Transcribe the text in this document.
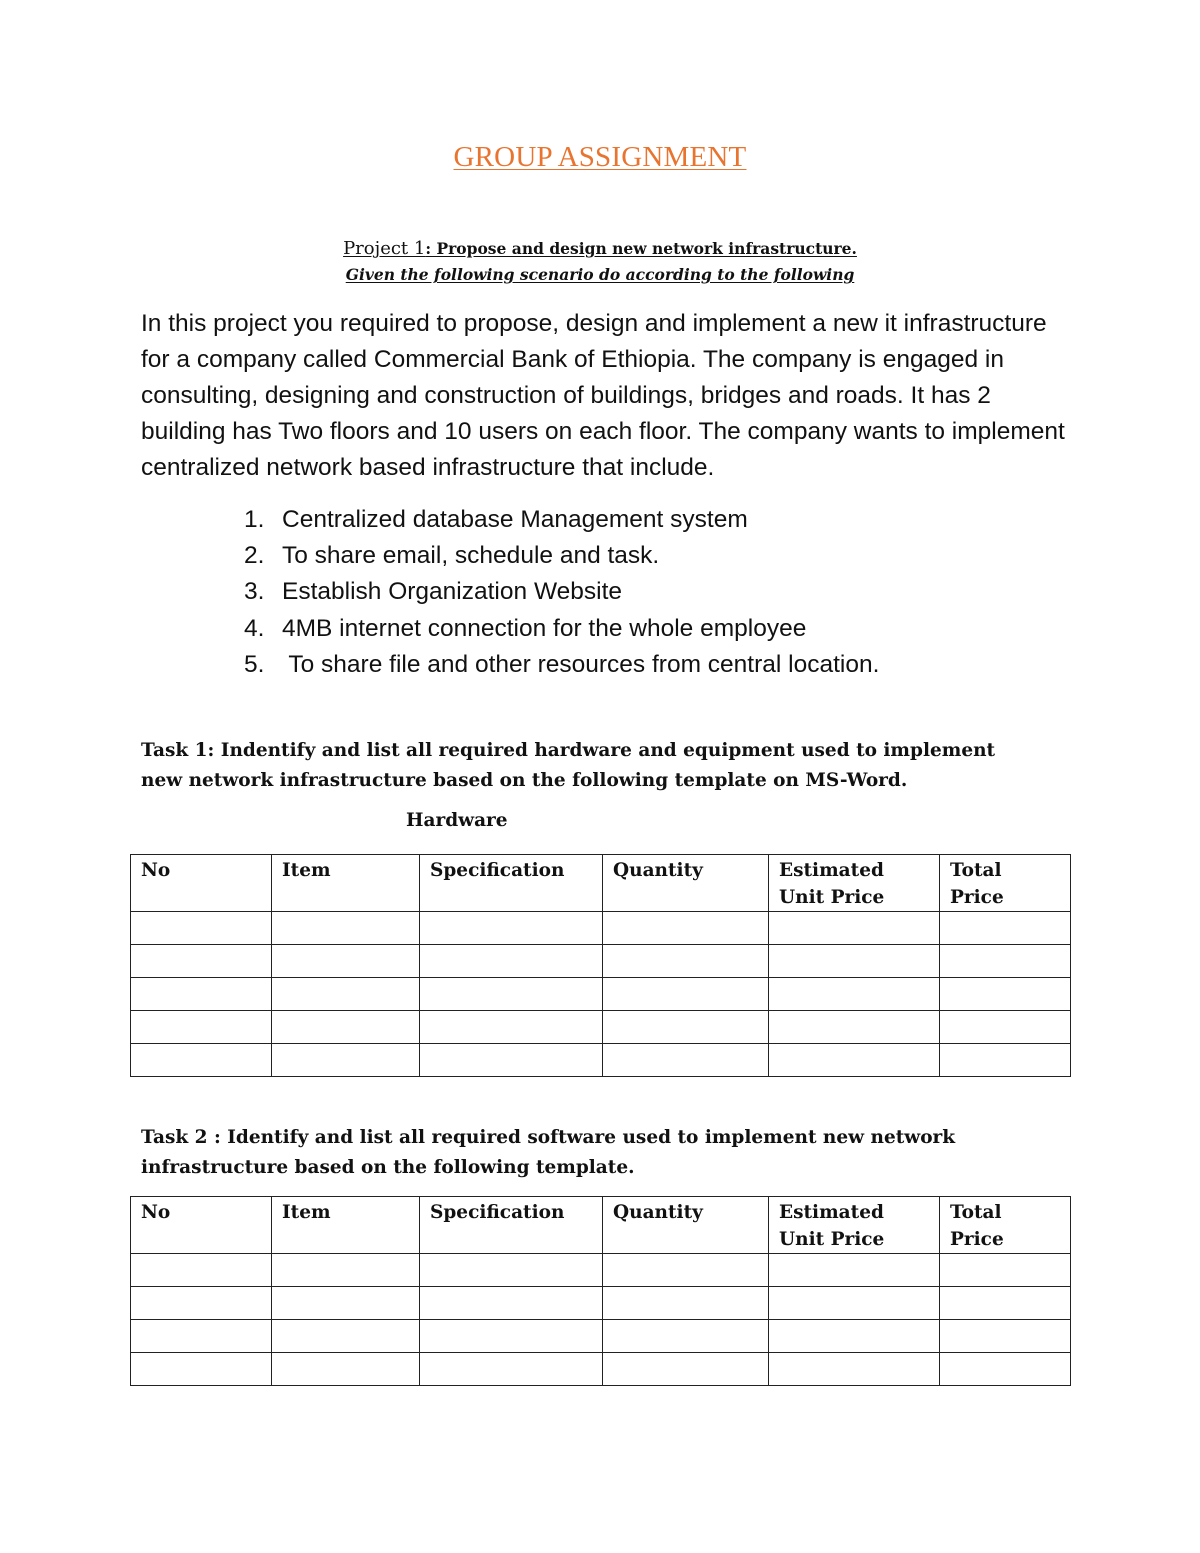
GROUP ASSIGNMENT
Project 1: Propose and design new network infrastructure.
Given the following scenario do according to the following
In this project you required to propose, design and implement a new it infrastructure for a company called Commercial Bank of Ethiopia. The company is engaged in consulting, designing and construction of buildings, bridges and roads. It has 2 building has Two floors and 10 users on each floor. The company wants to implement centralized network based infrastructure that include.
1. Centralized database Management system
2. To share email, schedule and task.
3. Establish Organization Website
4. 4MB internet connection for the whole employee
5. To share file and other resources from central location.
Task 1: Indentify and list all required hardware and equipment used to implement new network infrastructure based on the following template on MS-Word.
Hardware
No	Item	Specification	Quantity	Estimated Unit Price	Total Price

Task 2 : Identify and list all required software used to implement new network infrastructure based on the following template.
No	Item	Specification	Quantity	Estimated Unit Price	Total Price
